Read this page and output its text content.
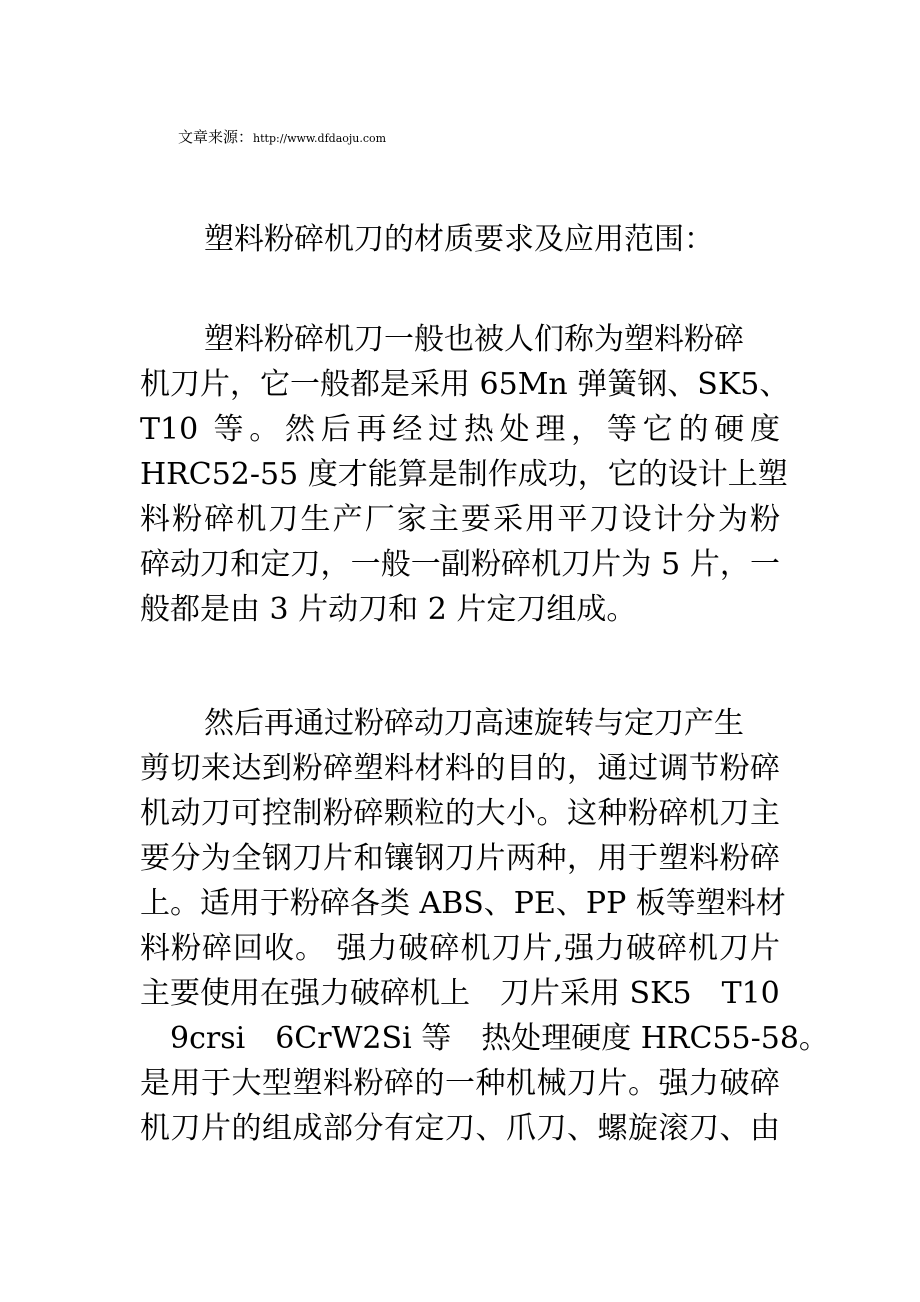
文章来源：http://www.dfdaoju.com
塑料粉碎机刀的材质要求及应用范围：
塑料粉碎机刀一般也被人们称为塑料粉碎
机刀片，它一般都是采用 65Mn 弹簧钢、SK5、
T10 等。然后再经过热处理，等它的硬度
HRC52-55 度才能算是制作成功，它的设计上塑
料粉碎机刀生产厂家主要采用平刀设计分为粉
碎动刀和定刀，一般一副粉碎机刀片为 5 片，一
般都是由 3 片动刀和 2 片定刀组成。
然后再通过粉碎动刀高速旋转与定刀产生
剪切来达到粉碎塑料材料的目的，通过调节粉碎
机动刀可控制粉碎颗粒的大小。这种粉碎机刀主
要分为全钢刀片和镶钢刀片两种，用于塑料粉碎
上。适用于粉碎各类 ABS、PE、PP 板等塑料材
料粉碎回收。 强力破碎机刀片,强力破碎机刀片
主要使用在强力破碎机上　刀片采用 SK5　T10
　9crsi　6CrW2Si 等　热处理硬度 HRC55-58。
是用于大型塑料粉碎的一种机械刀片。强力破碎
机刀片的组成部分有定刀、爪刀、螺旋滚刀、由
